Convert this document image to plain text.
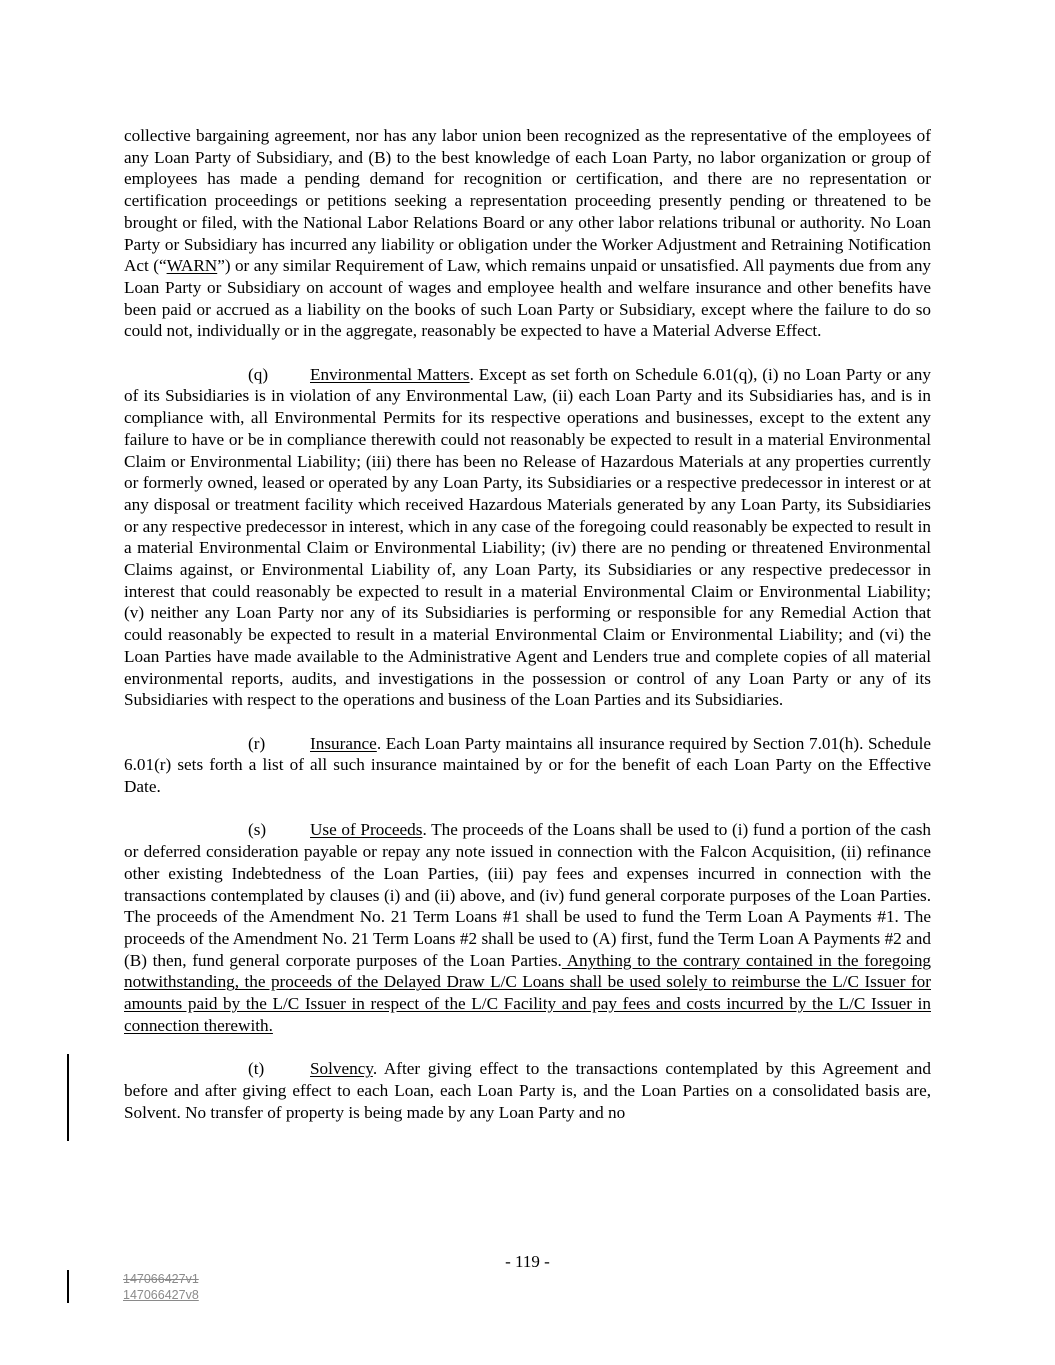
collective bargaining agreement, nor has any labor union been recognized as the representative of the employees of any Loan Party of Subsidiary, and (B) to the best knowledge of each Loan Party, no labor organization or group of employees has made a pending demand for recognition or certification, and there are no representation or certification proceedings or petitions seeking a representation proceeding presently pending or threatened to be brought or filed, with the National Labor Relations Board or any other labor relations tribunal or authority. No Loan Party or Subsidiary has incurred any liability or obligation under the Worker Adjustment and Retraining Notification Act (“WARN”) or any similar Requirement of Law, which remains unpaid or unsatisfied. All payments due from any Loan Party or Subsidiary on account of wages and employee health and welfare insurance and other benefits have been paid or accrued as a liability on the books of such Loan Party or Subsidiary, except where the failure to do so could not, individually or in the aggregate, reasonably be expected to have a Material Adverse Effect.

(q) Environmental Matters. Except as set forth on Schedule 6.01(q), (i) no Loan Party or any of its Subsidiaries is in violation of any Environmental Law, (ii) each Loan Party and its Subsidiaries has, and is in compliance with, all Environmental Permits for its respective operations and businesses, except to the extent any failure to have or be in compliance therewith could not reasonably be expected to result in a material Environmental Claim or Environmental Liability; (iii) there has been no Release of Hazardous Materials at any properties currently or formerly owned, leased or operated by any Loan Party, its Subsidiaries or a respective predecessor in interest or at any disposal or treatment facility which received Hazardous Materials generated by any Loan Party, its Subsidiaries or any respective predecessor in interest, which in any case of the foregoing could reasonably be expected to result in a material Environmental Claim or Environmental Liability; (iv) there are no pending or threatened Environmental Claims against, or Environmental Liability of, any Loan Party, its Subsidiaries or any respective predecessor in interest that could reasonably be expected to result in a material Environmental Claim or Environmental Liability; (v) neither any Loan Party nor any of its Subsidiaries is performing or responsible for any Remedial Action that could reasonably be expected to result in a material Environmental Claim or Environmental Liability; and (vi) the Loan Parties have made available to the Administrative Agent and Lenders true and complete copies of all material environmental reports, audits, and investigations in the possession or control of any Loan Party or any of its Subsidiaries with respect to the operations and business of the Loan Parties and its Subsidiaries.

(r)	Insurance. Each Loan Party maintains all insurance required by Section 7.01(h). Schedule 6.01(r) sets forth a list of all such insurance maintained by or for the benefit of each Loan Party on the Effective Date.

(s)	Use of Proceeds. The proceeds of the Loans shall be used to (i) fund a portion of the cash or deferred consideration payable or repay any note issued in connection with the Falcon Acquisition, (ii) refinance other existing Indebtedness of the Loan Parties, (iii) pay fees and expenses incurred in connection with the transactions contemplated by clauses (i) and (ii) above, and (iv) fund general corporate purposes of the Loan Parties. The proceeds of the Amendment No. 21 Term Loans #1 shall be used to fund the Term Loan A Payments #1. The proceeds of the Amendment No. 21 Term Loans #2 shall be used to (A) first, fund the Term Loan A Payments #2 and (B) then, fund general corporate purposes of the Loan Parties. Anything to the contrary contained in the foregoing notwithstanding, the proceeds of the Delayed Draw L/C Loans shall be used solely to reimburse the L/C Issuer for amounts paid by the L/C Issuer in respect of the L/C Facility and pay fees and costs incurred by the L/C Issuer in connection therewith.

(t)	Solvency. After giving effect to the transactions contemplated by this Agreement and before and after giving effect to each Loan, each Loan Party is, and the Loan Parties on a consolidated basis are, Solvent. No transfer of property is being made by any Loan Party and no

- 119 -
147066427v1
147066427v8
